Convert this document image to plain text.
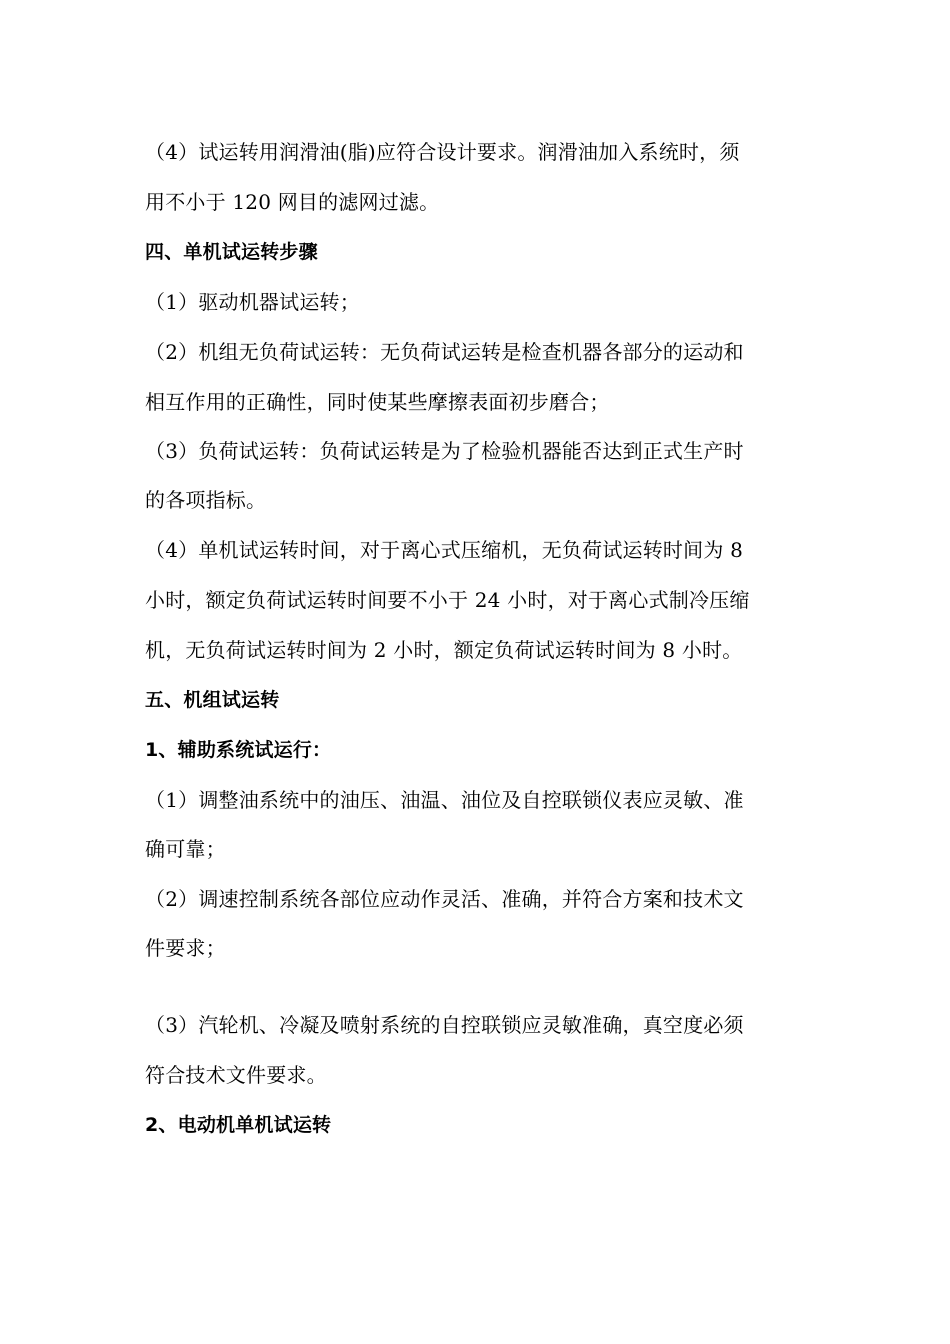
（4）试运转用润滑油(脂)应符合设计要求。润滑油加入系统时，须
用不小于 120 网目的滤网过滤。
四、单机试运转步骤
（1）驱动机器试运转；
（2）机组无负荷试运转：无负荷试运转是检查机器各部分的运动和
相互作用的正确性，同时使某些摩擦表面初步磨合；
（3）负荷试运转：负荷试运转是为了检验机器能否达到正式生产时
的各项指标。
（4）单机试运转时间，对于离心式压缩机，无负荷试运转时间为 8
小时，额定负荷试运转时间要不小于 24 小时，对于离心式制冷压缩
机，无负荷试运转时间为 2 小时，额定负荷试运转时间为 8 小时。
五、机组试运转
1、辅助系统试运行：
（1）调整油系统中的油压、油温、油位及自控联锁仪表应灵敏、准
确可靠；
（2）调速控制系统各部位应动作灵活、准确，并符合方案和技术文
件要求；
（3）汽轮机、冷凝及喷射系统的自控联锁应灵敏准确，真空度必须
符合技术文件要求。
2、电动机单机试运转
